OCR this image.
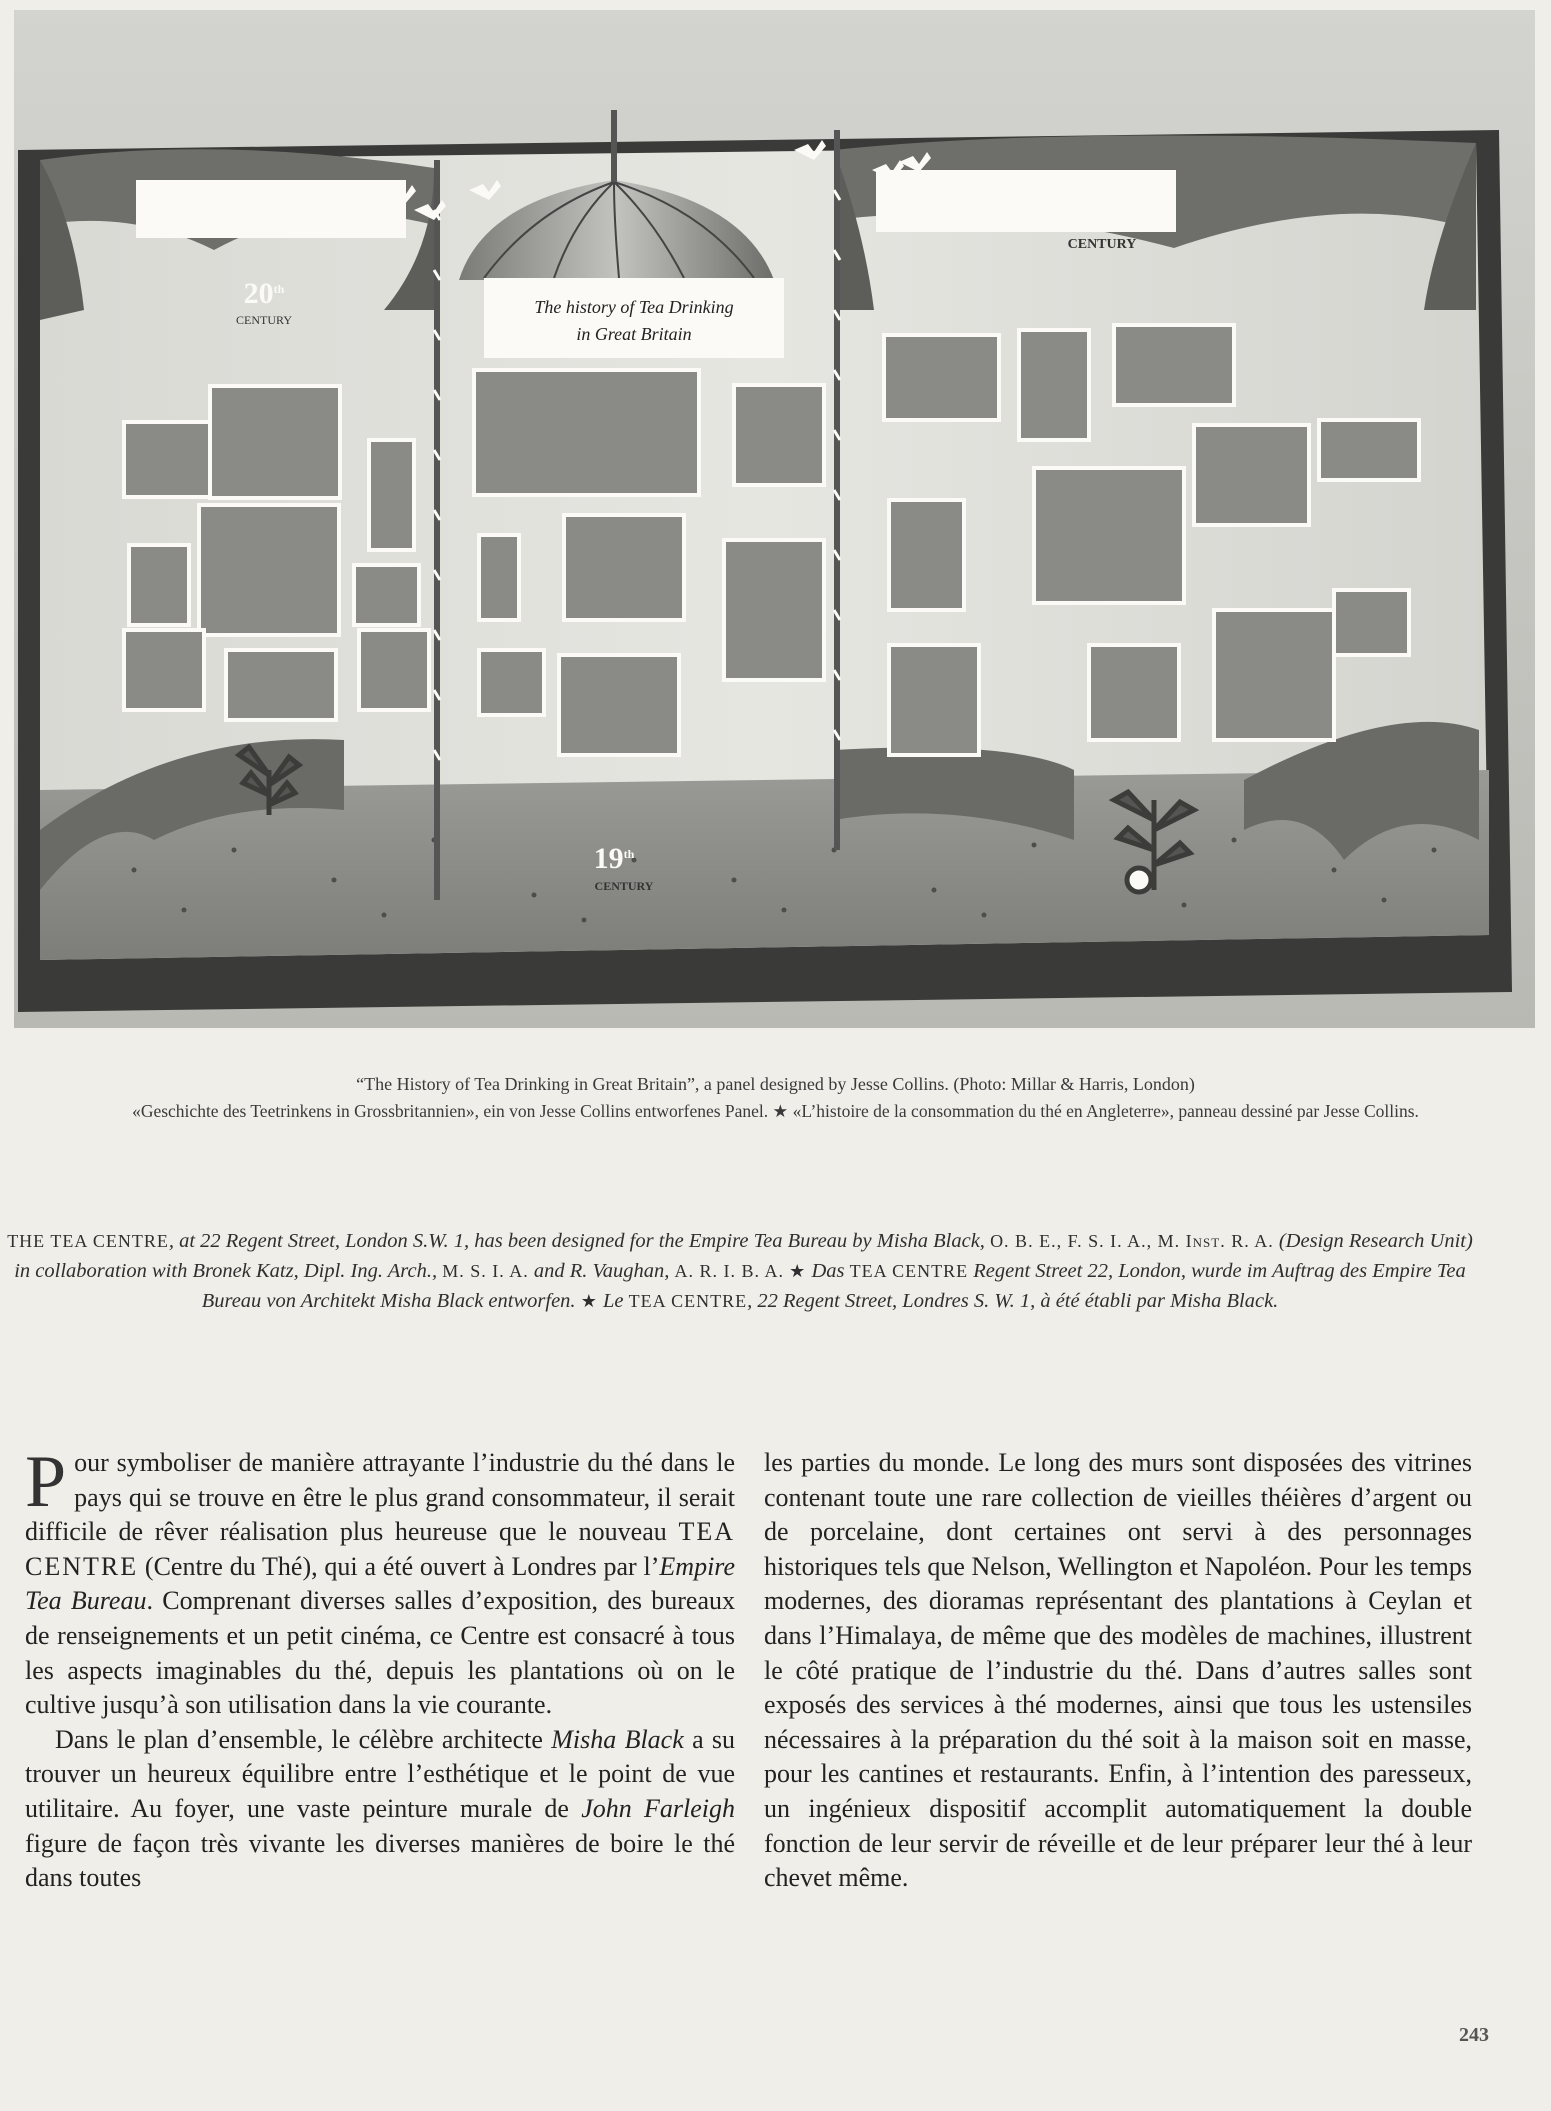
20th
CENTURY
18th
CENTURY
19th
CENTURY
The history of Tea Drinking
in Great Britain
“The History of Tea Drinking in Great Britain”, a panel designed by Jesse Collins. (Photo: Millar & Harris, London)
«Geschichte des Teetrinkens in Grossbritannien», ein von Jesse Collins entworfenes Panel. ★ «L’histoire de la consommation du thé en Angleterre», panneau dessiné par Jesse Collins.
THE TEA CENTRE, at 22 Regent Street, London S.W. 1, has been designed for the Empire Tea Bureau by Misha Black, O. B. E., F. S. I. A., M. Inst. R. A. (Design Research Unit) in collaboration with Bronek Katz, Dipl. Ing. Arch., M. S. I. A. and R. Vaughan, A. R. I. B. A. ★ Das TEA CENTRE Regent Street 22, London, wurde im Auftrag des Empire Tea Bureau von Architekt Misha Black entworfen. ★ Le TEA CENTRE, 22 Regent Street, Londres S. W. 1, à été établi par Misha Black.
Pour symboliser de manière attrayante l’industrie du thé dans le pays qui se trouve en être le plus grand consommateur, il serait difficile de rêver réalisation plus heureuse que le nouveau TEA CENTRE (Centre du Thé), qui a été ouvert à Londres par l’Empire Tea Bureau. Comprenant diverses salles d’exposition, des bureaux de renseignements et un petit cinéma, ce Centre est consacré à tous les aspects imaginables du thé, depuis les plantations où on le cultive jusqu’à son utilisation dans la vie courante.
Dans le plan d’ensemble, le célèbre architecte Misha Black a su trouver un heureux équilibre entre l’esthétique et le point de vue utilitaire. Au foyer, une vaste peinture murale de John Farleigh figure de façon très vivante les diverses manières de boire le thé dans toutes
les parties du monde. Le long des murs sont disposées des vitrines contenant toute une rare collection de vieilles théières d’argent ou de porcelaine, dont certaines ont servi à des personnages historiques tels que Nelson, Wellington et Napoléon. Pour les temps modernes, des dioramas représentant des plantations à Ceylan et dans l’Himalaya, de même que des modèles de machines, illustrent le côté pratique de l’industrie du thé. Dans d’autres salles sont exposés des services à thé modernes, ainsi que tous les ustensiles nécessaires à la préparation du thé soit à la maison soit en masse, pour les cantines et restaurants. Enfin, à l’intention des paresseux, un ingénieux dispositif accomplit automatiquement la double fonction de leur servir de réveille et de leur préparer leur thé à leur chevet même.
243
